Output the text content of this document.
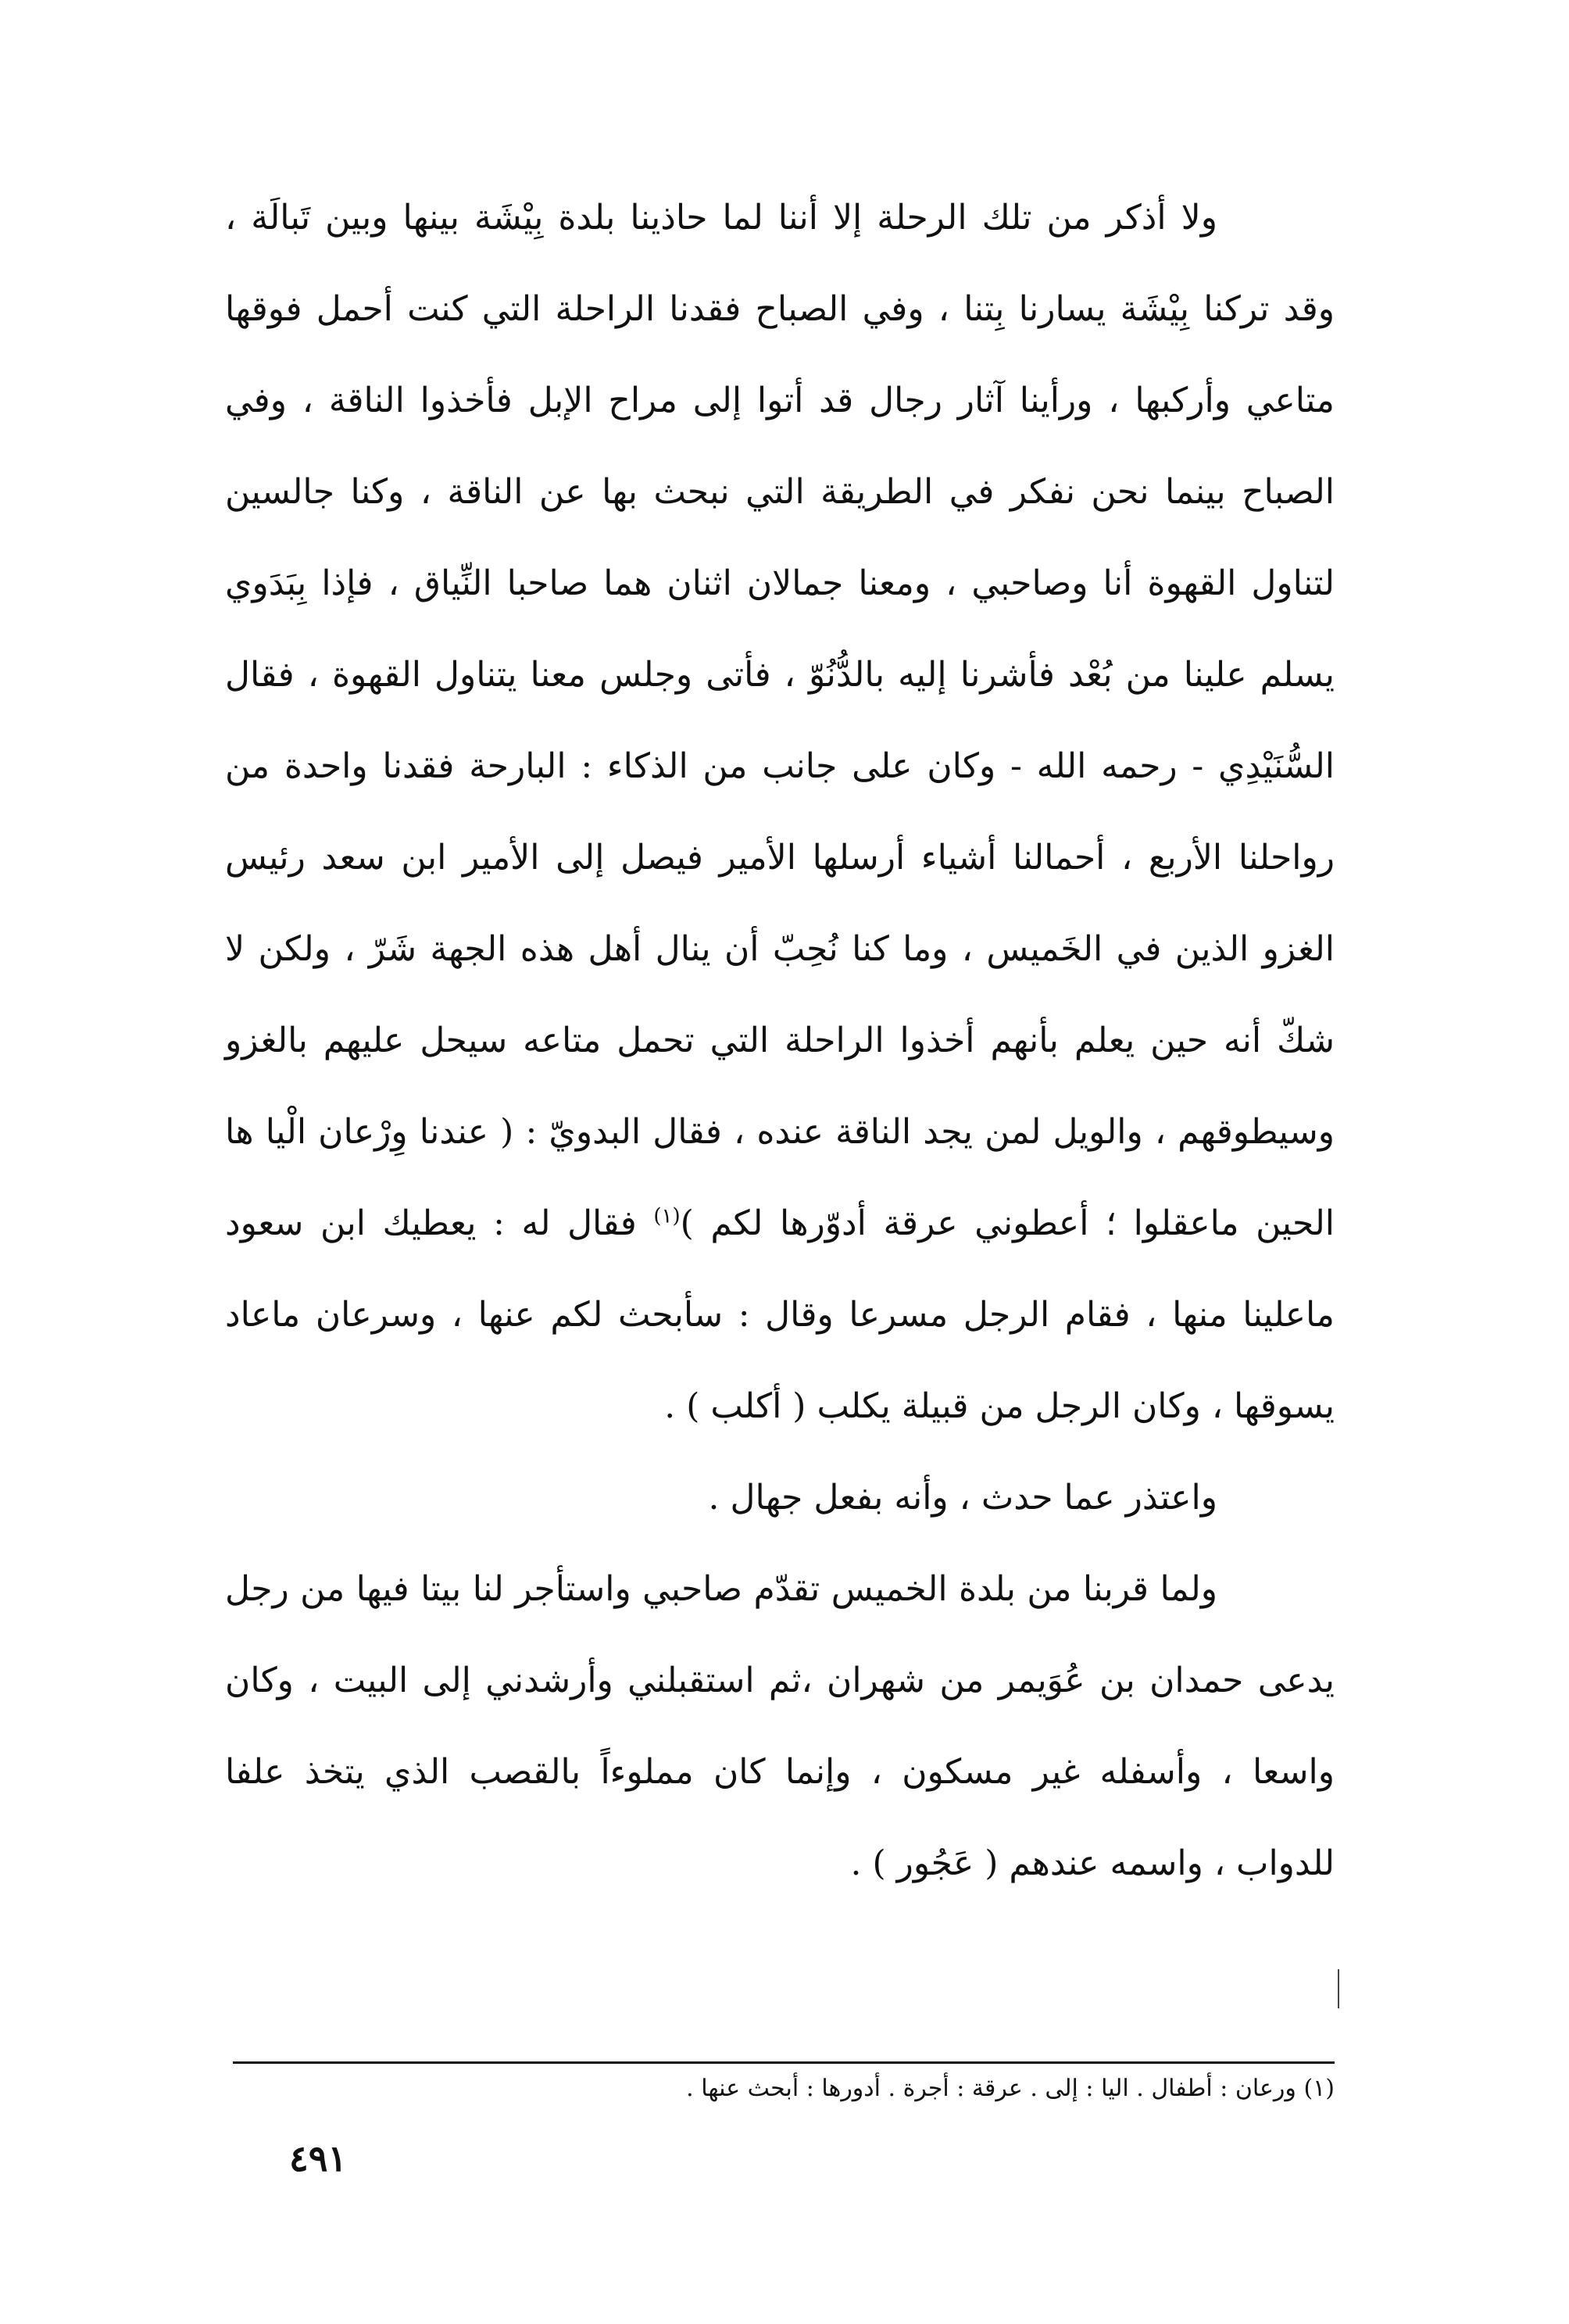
ولا أذكر من تلك الرحلة إلا أننا لما حاذينا بلدة بِيْشَة بينها وبين تَبالَة ، وقد تركنا بِيْشَة يسارنا بِتنا ، وفي الصباح فقدنا الراحلة التي كنت أحمل فوقها متاعي وأركبها ، ورأينا آثار رجال قد أتوا إلى مراح الإبل فأخذوا الناقة ، وفي الصباح بينما نحن نفكر في الطريقة التي نبحث بها عن الناقة ، وكنا جالسين لتناول القهوة أنا وصاحبي ، ومعنا جمالان اثنان هما صاحبا النِّياق ، فإذا بِبَدَوي يسلم علينا من بُعْد فأشرنا إليه بالدُّنُوّ ، فأتى وجلس معنا يتناول القهوة ، فقال السُّنَيْدِي - رحمه الله - وكان على جانب من الذكاء : البارحة فقدنا واحدة من رواحلنا الأربع ، أحمالنا أشياء أرسلها الأمير فيصل إلى الأمير ابن سعد رئيس الغزو الذين في الخَميس ، وما كنا نُحِبّ أن ينال أهل هذه الجهة شَرّ ، ولكن لا شكّ أنه حين يعلم بأنهم أخذوا الراحلة التي تحمل متاعه سيحل عليهم بالغزو وسيطوقهم ، والويل لمن يجد الناقة عنده ، فقال البدويّ : ( عندنا وِرْعان الْيا ها الحين ماعقلوا ؛ أعطوني عرقة أدوّرها لكم )$^{(١)}$ فقال له : يعطيك ابن سعود ماعلينا منها ، فقام الرجل مسرعا وقال : سأبحث لكم عنها ، وسرعان ماعاد يسوقها ، وكان الرجل من قبيلة يكلب ( أكلب ) .

واعتذر عما حدث ، وأنه بفعل جهال .

ولما قربنا من بلدة الخميس تقدّم صاحبي واستأجر لنا بيتا فيها من رجل يدعى حمدان بن عُوَيمر من شهران ،ثم استقبلني وأرشدني إلى البيت ، وكان واسعا ، وأسفله غير مسكون ، وإنما كان مملوءاً بالقصب الذي يتخذ علفا للدواب ، واسمه عندهم ( عَجُور ) .

(١) ورعان : أطفال . اليا : إلى . عرقة : أجرة . أدورها : أبحث عنها .
٤٩١
